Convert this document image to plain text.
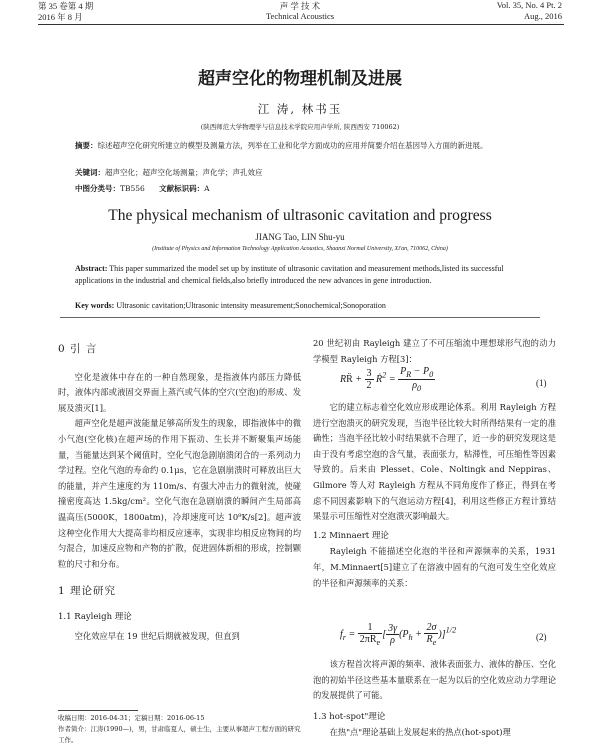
第 35 卷第 4 期
2016 年 8 月
声 学 技 术
Technical Acoustics
Vol. 35, No. 4 Pt. 2
Aug., 2016
超声空化的物理机制及进展
江 涛, 林书玉
(陕西师范大学物理学与信息技术学院应用声学所, 陕西西安 710062)
摘要：综述超声空化研究所建立的模型及测量方法，列举在工业和化学方面成功的应用并简要介绍在基因导入方面的新进展。
关键词：超声空化；超声空化场测量；声化学；声孔效应
中图分类号：TB556 文献标识码：A
The physical mechanism of ultrasonic cavitation and progress
JIANG Tao, LIN Shu-yu
(Institute of Physics and Information Technology Application Acoustics, Shaanxi Normal University, Xi'an, 710062, China)
Abstract: This paper summarized the model set up by institute of ultrasonic cavitation and measurement methods,listed its successful applications in the industrial and chemical fields,also briefly introduced the new advances in gene introduction.
Key words: Ultrasonic cavitation;Ultrasonic intensity measurement;Sonochemical;Sonoporation
0 引 言

空化是液体中存在的一种自然现象，是指液体内部压力降低时，液体内部或液固交界面上蒸汽或气体的空穴(空泡)的形成、发展及溃灭[1]。

超声空化是超声波能量足够高所发生的现象，即指液体中的微小气泡(空化核)在超声场的作用下振动、生长并不断聚集声场能量，当能量达到某个阈值时，空化气泡急剧崩溃闭合的一系列动力学过程。空化气泡的寿命约 0.1μs，它在急剧崩溃时可释放出巨大的能量，并产生速度约为 110m/s、有强大冲击力的微射流，使碰撞密度高达 1.5kg/cm²。空化气泡在急剧崩溃的瞬间产生局部高温高压(5000K，1800atm)，冷却速度可达 10⁹K/s[2]。超声波这种空化作用大大提高非均相反应速率，实现非均相反应物间的均匀混合，加速反应物和产物的扩散，促进固体新相的形成，控制颗粒的尺寸和分布。

1 理论研究
1.1 Rayleigh 理论

空化效应早在 19 世纪后期就被发现，但直到

收稿日期：2016-04-31；定稿日期：2016-06-15
作者简介：江涛(1990—)，男，甘肃临夏人，硕士生，主要从事超声工程方面的研究工作。

20 世纪初由 Rayleigh 建立了不可压缩流中理想球形气泡的动力学模型 Rayleigh 方程[3]：

RR̈ + $\frac{3}{2}$ Ṙ$^2$ = $\frac{P_R - P_0}{\rho_0}$	(1)

它的建立标志着空化效应形成理论体系。利用 Rayleigh 方程进行空泡溃灭的研究发现，当泡半径比较大时所得结果有一定的准确性；当泡半径比较小时结果就不合理了，近一步的研究发现这是由于没有考虑空泡的含气量，表面张力，粘滞性，可压缩性等因素导致的。后来由 Plesset、Cole、Noltingk and Neppiras、Gilmore 等人对 Rayleigh 方程从不同角度作了修正，得到在考虑不同因素影响下的气泡运动方程[4]，利用这些修正方程计算结果显示可压缩性对空泡溃灭影响最大。

1.2 Minnaert 理论

Rayleigh 不能描述空化泡的半径和声源频率的关系，1931 年，M.Minnaert[5]建立了在溶液中固有的气泡可发生空化效应的半径和声源频率的关系：

$f_r = \frac{1}{2\pi R_e}$ [ $\frac{3\gamma}{\rho} (P_h + \frac{2\sigma}{R_e} )]^{1/2}$
(2)

该方程首次将声源的频率、液体表面张力、液体的静压、空化泡的初始半径这些基本量联系在一起为以后的空化效应动力学理论的发展提供了可能。

1.3 hot-spot"理论

在热"点"理论基础上发展起来的热点(hot-spot)理
